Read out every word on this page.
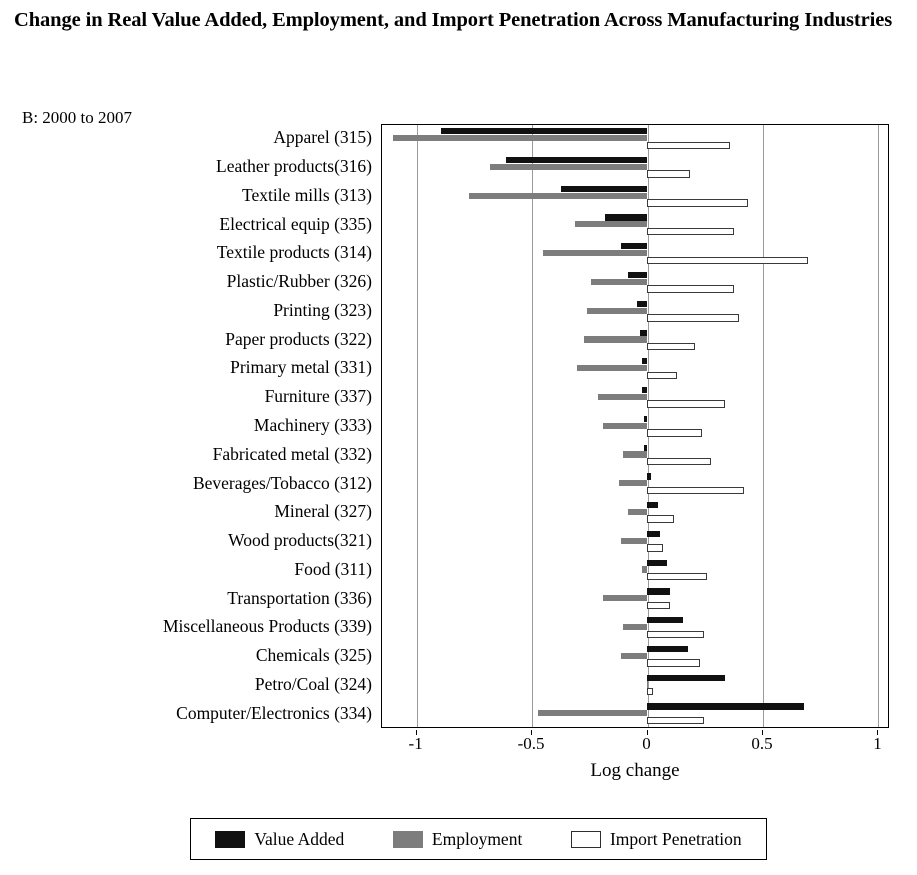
Change in Real Value Added, Employment, and Import Penetration Across Manufacturing Industries
B: 2000 to 2007
Apparel (315)
Leather products(316)
Textile mills (313)
Electrical equip (335)
Textile products (314)
Plastic/Rubber (326)
Printing (323)
Paper products (322)
Primary metal (331)
Furniture (337)
Machinery (333)
Fabricated metal (332)
Beverages/Tobacco (312)
Mineral (327)
Wood products(321)
Food (311)
Transportation (336)
Miscellaneous Products (339)
Chemicals (325)
Petro/Coal (324)
Computer/Electronics (334)
-1	-0.5	0	0.5	1
Log change
Value Added	Employment	Import Penetration
